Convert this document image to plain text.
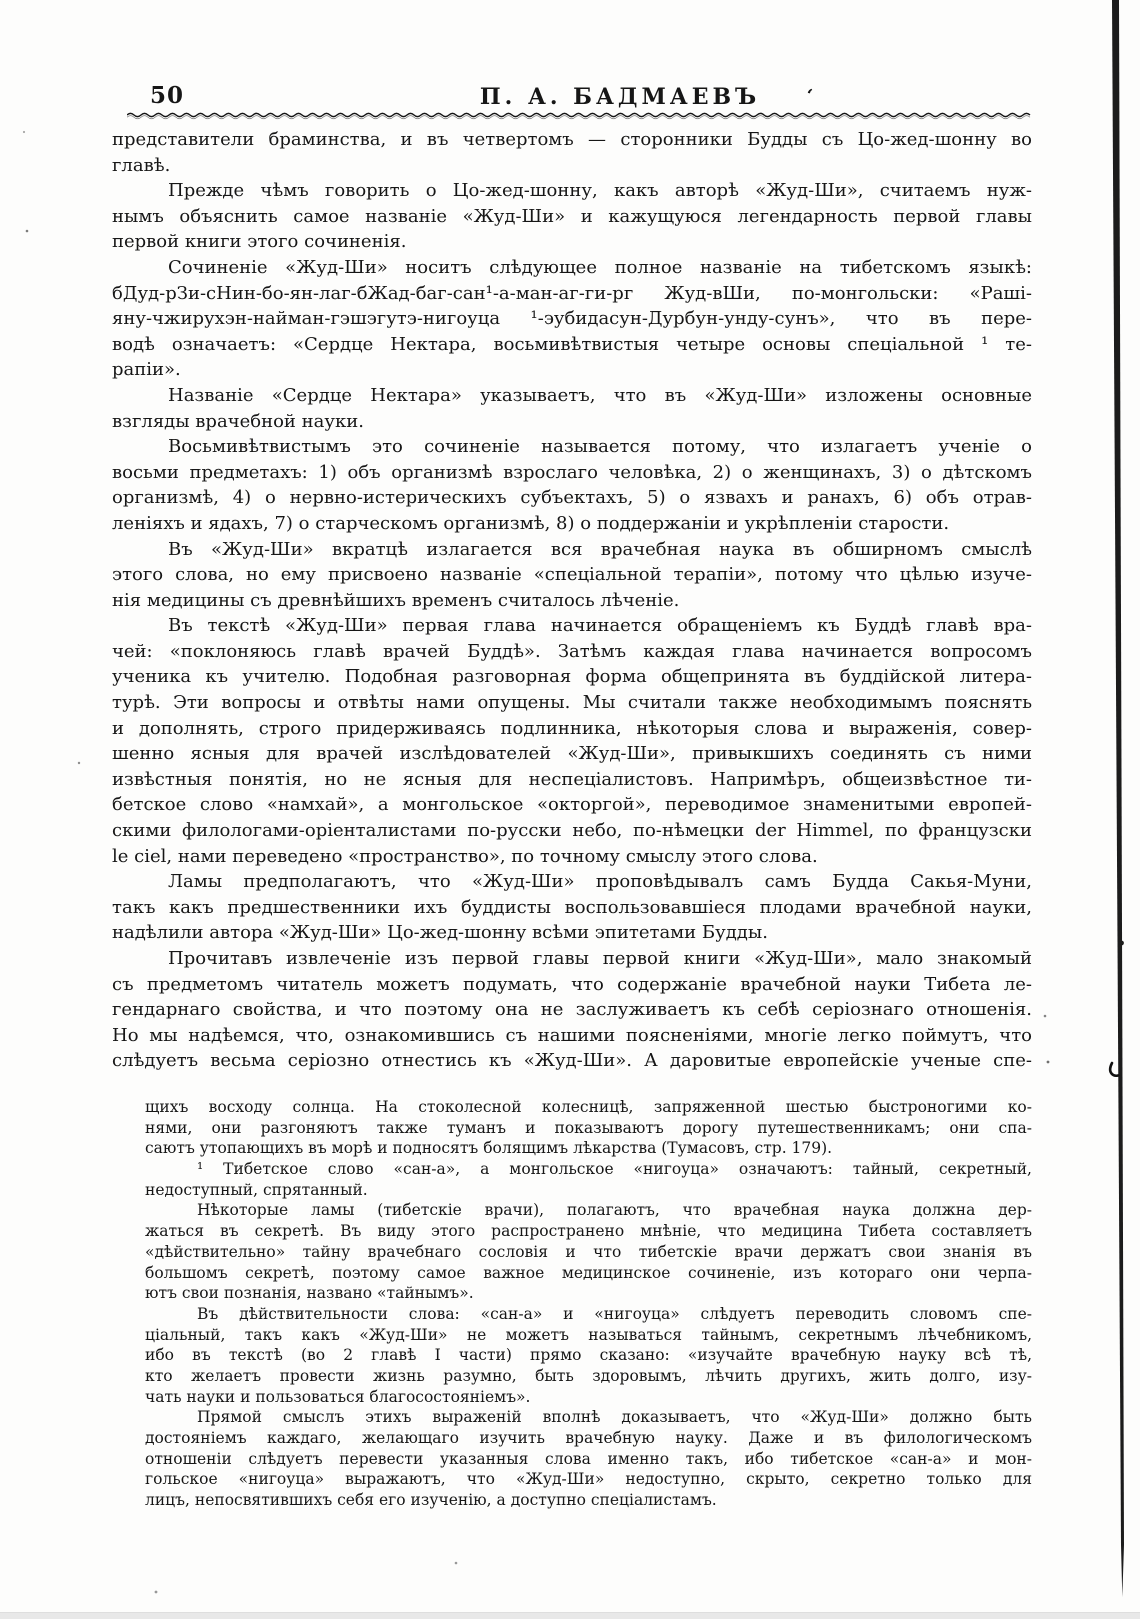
50	П. А. БАДМАЕВЪ	‘
представители браминства, и въ четвертомъ — сторонники Будды съ Цо-жед-шонну во
главѣ.
Прежде чѣмъ говорить о Цо-жед-шонну, какъ авторѣ «Жуд-Ши», считаемъ нуж-
нымъ объяснить самое названіе «Жуд-Ши» и кажущуюся легендарность первой главы
первой книги этого сочиненія.
Сочиненіе «Жуд-Ши» носитъ слѣдующее полное названіе на тибетскомъ языкѣ:
бДуд-рЗи-сНин-бо-ян-лаг-бЖад-баг-сан¹-а-ман-аг-ги-рг Жуд-вШи, по-монгольски: «Раші-
яну-чжирухэн-найман-гэшэгутэ-нигоуца ¹-эубидасун-Дурбун-унду-сунъ», что въ пере-
водѣ означаетъ: «Сердце Нектара, восьмивѣтвистыя четыре основы спеціальной ¹ те-
рапіи».
Названіе «Сердце Нектара» указываетъ, что въ «Жуд-Ши» изложены основные
взгляды врачебной науки.
Восьмивѣтвистымъ это сочиненіе называется потому, что излагаетъ ученіе о
восьми предметахъ: 1) объ организмѣ взрослаго человѣка, 2) о женщинахъ, 3) о дѣтскомъ
организмѣ, 4) о нервно-истерическихъ субъектахъ, 5) о язвахъ и ранахъ, 6) объ отрав-
леніяхъ и ядахъ, 7) о старческомъ организмѣ, 8) о поддержаніи и укрѣпленіи старости.
Въ «Жуд-Ши» вкратцѣ излагается вся врачебная наука въ обширномъ смыслѣ
этого слова, но ему присвоено названіе «спеціальной терапіи», потому что цѣлью изуче-
нія медицины съ древнѣйшихъ временъ считалось лѣченіе.
Въ текстѣ «Жуд-Ши» первая глава начинается обращеніемъ къ Буддѣ главѣ вра-
чей: «поклоняюсь главѣ врачей Буддѣ». Затѣмъ каждая глава начинается вопросомъ
ученика къ учителю. Подобная разговорная форма общепринята въ буддійской литера-
турѣ. Эти вопросы и отвѣты нами опущены. Мы считали также необходимымъ пояснять
и дополнять, строго придерживаясь подлинника, нѣкоторыя слова и выраженія, совер-
шенно ясныя для врачей изслѣдователей «Жуд-Ши», привыкшихъ соединять съ ними
извѣстныя понятія, но не ясныя для неспеціалистовъ. Напримѣръ, общеизвѣстное ти-
бетское слово «намхай», а монгольское «окторгой», переводимое знаменитыми европей-
скими филологами-оріенталистами по-русски небо, по-нѣмецки der Himmel, по французски
le ciel, нами переведено «пространство», по точному смыслу этого слова.
Ламы предполагаютъ, что «Жуд-Ши» проповѣдывалъ самъ Будда Сакья-Муни,
такъ какъ предшественники ихъ буддисты воспользовавшіеся плодами врачебной науки,
надѣлили автора «Жуд-Ши» Цо-жед-шонну всѣми эпитетами Будды.
Прочитавъ извлеченіе изъ первой главы первой книги «Жуд-Ши», мало знакомый
съ предметомъ читатель можетъ подумать, что содержаніе врачебной науки Тибета ле-
гендарнаго свойства, и что поэтому она не заслуживаетъ къ себѣ серіознаго отношенія.
Но мы надѣемся, что, ознакомившись съ нашими поясненіями, многіе легко поймутъ, что
слѣдуетъ весьма серіозно отнестись къ «Жуд-Ши». А даровитые европейскіе ученые спе-
щихъ восходу солнца. На стоколесной колесницѣ, запряженной шестью быстроногими ко-
нями, они разгоняютъ также туманъ и показываютъ дорогу путешественникамъ; они спа-
саютъ утопающихъ въ морѣ и подносятъ болящимъ лѣкарства (Тумасовъ, стр. 179).
¹ Тибетское слово «сан-а», а монгольское «нигоуца» означаютъ: тайный, секретный,
недоступный, спрятанный.
Нѣкоторые ламы (тибетскіе врачи), полагаютъ, что врачебная наука должна дер-
жаться въ секретѣ. Въ виду этого распространено мнѣніе, что медицина Тибета составляетъ
«дѣйствительно» тайну врачебнаго сословія и что тибетскіе врачи держатъ свои знанія въ
большомъ секретѣ, поэтому самое важное медицинское сочиненіе, изъ котораго они черпа-
ютъ свои познанія, названо «тайнымъ».
Въ дѣйствительности слова: «сан-а» и «нигоуца» слѣдуетъ переводить словомъ спе-
ціальный, такъ какъ «Жуд-Ши» не можетъ называться тайнымъ, секретнымъ лѣчебникомъ,
ибо въ текстѣ (во 2 главѣ I части) прямо сказано: «изучайте врачебную науку всѣ тѣ,
кто желаетъ провести жизнь разумно, быть здоровымъ, лѣчить другихъ, жить долго, изу-
чать науки и пользоваться благосостояніемъ».
Прямой смыслъ этихъ выраженій вполнѣ доказываетъ, что «Жуд-Ши» должно быть
достояніемъ каждаго, желающаго изучить врачебную науку. Даже и въ филологическомъ
отношеніи слѣдуетъ перевести указанныя слова именно такъ, ибо тибетское «сан-а» и мон-
гольское «нигоуца» выражаютъ, что «Жуд-Ши» недоступно, скрыто, секретно только для
лицъ, непосвятившихъ себя его изученію, а доступно спеціалистамъ.
